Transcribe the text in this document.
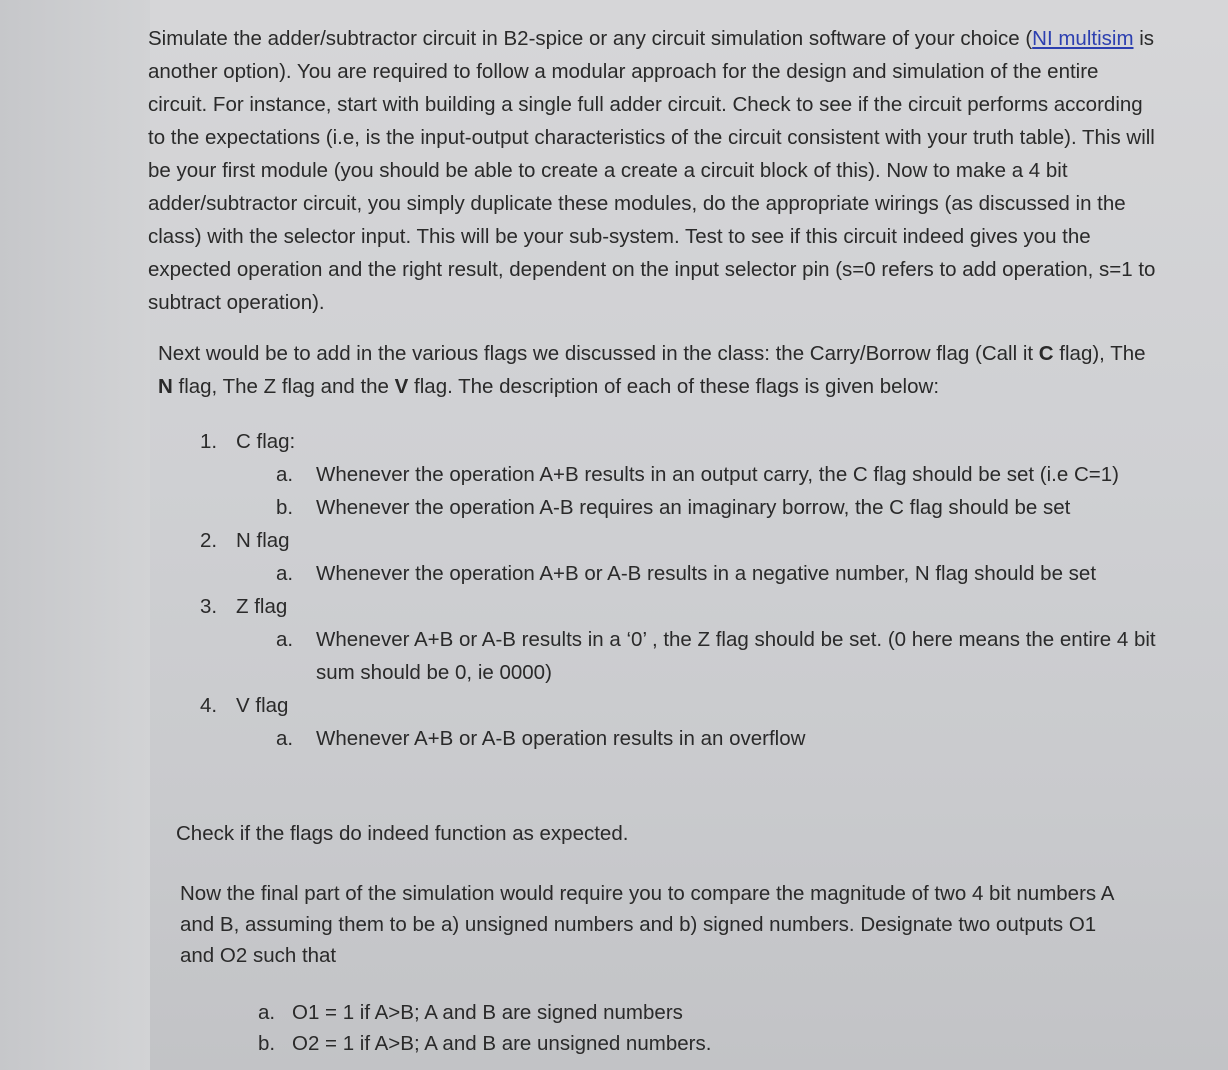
Simulate the adder/subtractor circuit in B2-spice or any circuit simulation software of your choice (NI multisim is another option). You are required to follow a modular approach for the design and simulation of the entire circuit. For instance, start with building a single full adder circuit. Check to see if the circuit performs according to the expectations (i.e, is the input-output characteristics of the circuit consistent with your truth table). This will be your first module (you should be able to create a create a circuit block of this). Now to make a 4 bit adder/subtractor circuit, you simply duplicate these modules, do the appropriate wirings (as discussed in the class) with the selector input. This will be your sub-system. Test to see if this circuit indeed gives you the expected operation and the right result, dependent on the input selector pin (s=0 refers to add operation, s=1 to subtract operation).

Next would be to add in the various flags we discussed in the class: the Carry/Borrow flag (Call it C flag), The N flag, The Z flag and the V flag. The description of each of these flags is given below:

1. C flag:
a.	Whenever the operation A+B results in an output carry, the C flag should be set (i.e C=1)
b.	Whenever the operation A-B requires an imaginary borrow, the C flag should be set
2. N flag
a.	Whenever the operation A+B or A-B results in a negative number, N flag should be set
3. Z flag
a.	Whenever A+B or A-B results in a ‘0’ , the Z flag should be set. (0 here means the entire 4 bit sum should be 0, ie 0000)
4. V flag
a.	Whenever A+B or A-B operation results in an overflow

Check if the flags do indeed function as expected.

Now the final part of the simulation would require you to compare the magnitude of two 4 bit numbers A and B, assuming them to be a) unsigned numbers and b) signed numbers. Designate two outputs O1 and O2 such that

a. O1 = 1 if A>B; A and B are signed numbers
b. O2 = 1 if A>B; A and B are unsigned numbers.
